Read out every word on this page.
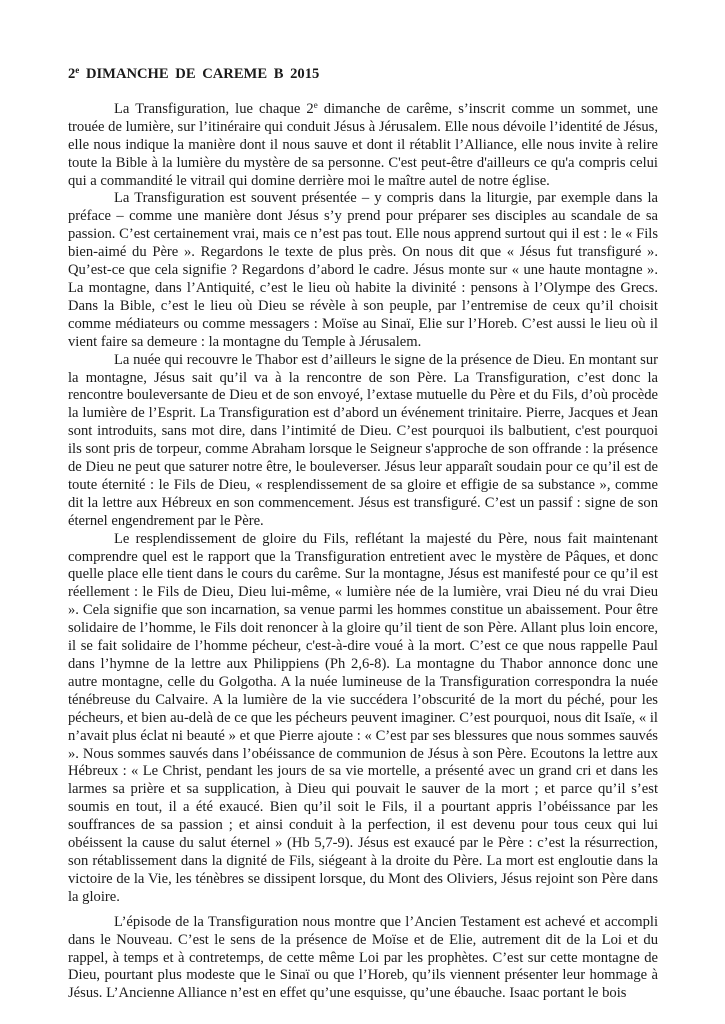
2e DIMANCHE DE CAREME B 2015

La Transfiguration, lue chaque 2e dimanche de carême, s’inscrit comme un sommet, une trouée de lumière, sur l’itinéraire qui conduit Jésus à Jérusalem. Elle nous dévoile l’identité de Jésus, elle nous indique la manière dont il nous sauve et dont il rétablit l’Alliance, elle nous invite à relire toute la Bible à la lumière du mystère de sa personne. C'est peut-être d'ailleurs ce qu'a compris celui qui a commandité le vitrail qui domine derrière moi le maître autel de notre église.

La Transfiguration est souvent présentée – y compris dans la liturgie, par exemple dans la préface – comme une manière dont Jésus s’y prend pour préparer ses disciples au scandale de sa passion. C’est certainement vrai, mais ce n’est pas tout. Elle nous apprend surtout qui il est : le « Fils bien-aimé du Père ». Regardons le texte de plus près. On nous dit que « Jésus fut transfiguré ». Qu’est-ce que cela signifie ? Regardons d’abord le cadre. Jésus monte sur « une haute montagne ». La montagne, dans l’Antiquité, c’est le lieu où habite la divinité : pensons à l’Olympe des Grecs. Dans la Bible, c’est le lieu où Dieu se révèle à son peuple, par l’entremise de ceux qu’il choisit comme médiateurs ou comme messagers : Moïse au Sinaï, Elie sur l’Horeb. C’est aussi le lieu où il vient faire sa demeure : la montagne du Temple à Jérusalem.

La nuée qui recouvre le Thabor est d’ailleurs le signe de la présence de Dieu. En montant sur la montagne, Jésus sait qu’il va à la rencontre de son Père. La Transfiguration, c’est donc la rencontre bouleversante de Dieu et de son envoyé, l’extase mutuelle du Père et du Fils, d’où procède la lumière de l’Esprit. La Transfiguration est d’abord un événement trinitaire. Pierre, Jacques et Jean sont introduits, sans mot dire, dans l’intimité de Dieu. C’est pourquoi ils balbutient, c'est pourquoi ils sont pris de torpeur, comme Abraham lorsque le Seigneur s'approche de son offrande : la présence de Dieu ne peut que saturer notre être, le bouleverser. Jésus leur apparaît soudain pour ce qu’il est de toute éternité : le Fils de Dieu, « resplendissement de sa gloire et effigie de sa substance », comme dit la lettre aux Hébreux en son commencement. Jésus est transfiguré. C’est un passif : signe de son éternel engendrement par le Père.

Le resplendissement de gloire du Fils, reflétant la majesté du Père, nous fait maintenant comprendre quel est le rapport que la Transfiguration entretient avec le mystère de Pâques, et donc quelle place elle tient dans le cours du carême. Sur la montagne, Jésus est manifesté pour ce qu’il est réellement : le Fils de Dieu, Dieu lui-même, « lumière née de la lumière, vrai Dieu né du vrai Dieu ». Cela signifie que son incarnation, sa venue parmi les hommes constitue un abaissement. Pour être solidaire de l’homme, le Fils doit renoncer à la gloire qu’il tient de son Père. Allant plus loin encore, il se fait solidaire de l’homme pécheur, c'est-à-dire voué à la mort. C’est ce que nous rappelle Paul dans l’hymne de la lettre aux Philippiens (Ph 2,6-8). La montagne du Thabor annonce donc une autre montagne, celle du Golgotha. A la nuée lumineuse de la Transfiguration correspondra la nuée ténébreuse du Calvaire. A la lumière de la vie succédera l’obscurité de la mort du péché, pour les pécheurs, et bien au-delà de ce que les pécheurs peuvent imaginer. C’est pourquoi, nous dit Isaïe, « il n’avait plus éclat ni beauté » et que Pierre ajoute : « C’est par ses blessures que nous sommes sauvés ». Nous sommes sauvés dans l’obéissance de communion de Jésus à son Père. Ecoutons la lettre aux Hébreux : « Le Christ, pendant les jours de sa vie mortelle, a présenté avec un grand cri et dans les larmes sa prière et sa supplication, à Dieu qui pouvait le sauver de la mort ; et parce qu’il s’est soumis en tout, il a été exaucé. Bien qu’il soit le Fils, il a pourtant appris l’obéissance par les souffrances de sa passion ; et ainsi conduit à la perfection, il est devenu pour tous ceux qui lui obéissent la cause du salut éternel » (Hb 5,7-9). Jésus est exaucé par le Père : c’est la résurrection, son rétablissement dans la dignité de Fils, siégeant à la droite du Père. La mort est engloutie dans la victoire de la Vie, les ténèbres se dissipent lorsque, du Mont des Oliviers, Jésus rejoint son Père dans la gloire.

L’épisode de la Transfiguration nous montre que l’Ancien Testament est achevé et accompli dans le Nouveau. C’est le sens de la présence de Moïse et de Elie, autrement dit de la Loi et du rappel, à temps et à contretemps, de cette même Loi par les prophètes. C’est sur cette montagne de Dieu, pourtant plus modeste que le Sinaï ou que l’Horeb, qu’ils viennent présenter leur hommage à Jésus. L’Ancienne Alliance n’est en effet qu’une esquisse, qu’une ébauche. Isaac portant le bois
